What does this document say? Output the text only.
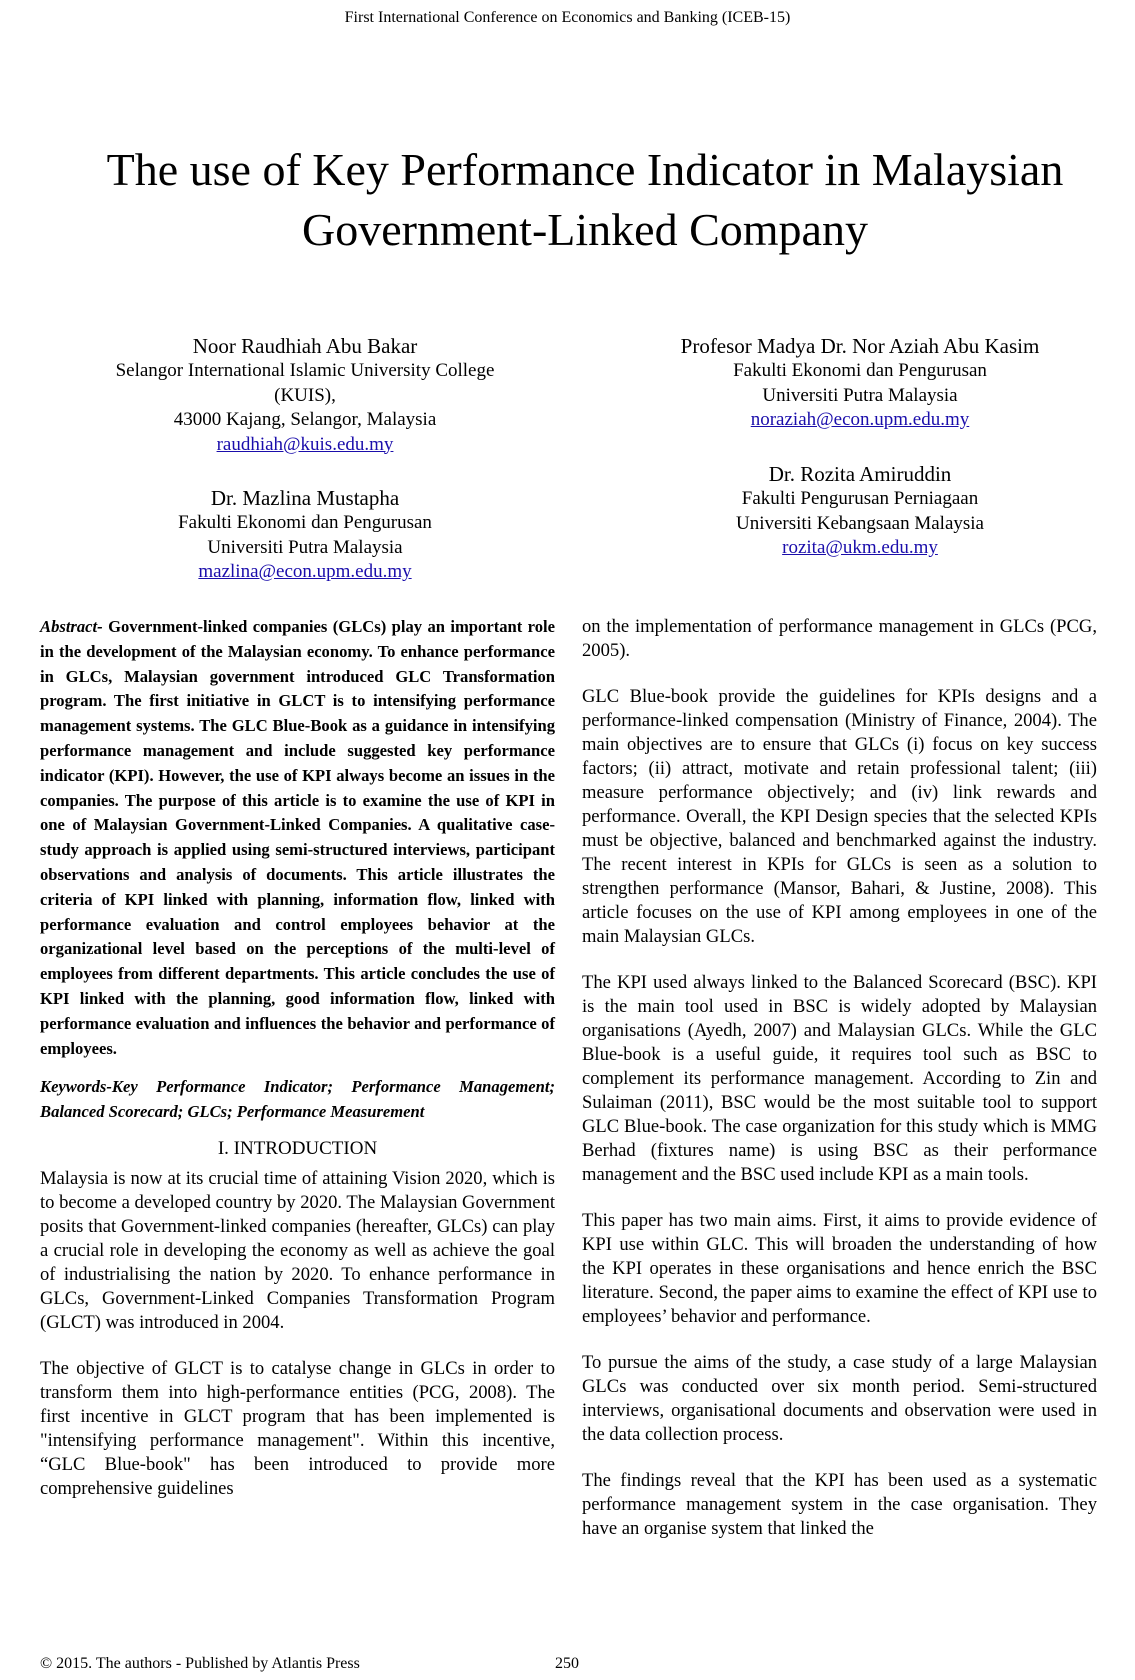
First International Conference on Economics and Banking (ICEB-15)
The use of Key Performance Indicator in Malaysian
Government-Linked Company
Noor Raudhiah Abu Bakar
Selangor International Islamic University College
(KUIS),
43000 Kajang, Selangor, Malaysia
raudhiah@kuis.edu.my
Dr. Mazlina Mustapha
Fakulti Ekonomi dan Pengurusan
Universiti Putra Malaysia
mazlina@econ.upm.edu.my
Profesor Madya Dr. Nor Aziah Abu Kasim
Fakulti Ekonomi dan Pengurusan
Universiti Putra Malaysia
noraziah@econ.upm.edu.my
Dr. Rozita Amiruddin
Fakulti Pengurusan Perniagaan
Universiti Kebangsaan Malaysia
rozita@ukm.edu.my

Abstract- Government-linked companies (GLCs) play an important role in the development of the Malaysian economy. To enhance performance in GLCs, Malaysian government introduced GLC Transformation program. The first initiative in GLCT is to intensifying performance management systems. The GLC Blue-Book as a guidance in intensifying performance management and include suggested key performance indicator (KPI). However, the use of KPI always become an issues in the companies. The purpose of this article is to examine the use of KPI in one of Malaysian Government-Linked Companies. A qualitative case-study approach is applied using semi-structured interviews, participant observations and analysis of documents. This article illustrates the criteria of KPI linked with planning, information flow, linked with performance evaluation and control employees behavior at the organizational level based on the perceptions of the multi-level of employees from different departments. This article concludes the use of KPI linked with the planning, good information flow, linked with performance evaluation and influences the behavior and performance of employees.

Keywords-Key Performance Indicator; Performance Management; Balanced Scorecard; GLCs; Performance Measurement

I. INTRODUCTION

Malaysia is now at its crucial time of attaining Vision 2020, which is to become a developed country by 2020. The Malaysian Government posits that Government-linked companies (hereafter, GLCs) can play a crucial role in developing the economy as well as achieve the goal of industrialising the nation by 2020. To enhance performance in GLCs, Government-Linked Companies Transformation Program (GLCT) was introduced in 2004.

The objective of GLCT is to catalyse change in GLCs in order to transform them into high-performance entities (PCG, 2008). The first incentive in GLCT program that has been implemented is "intensifying performance management". Within this incentive, “GLC Blue-book" has been introduced to provide more comprehensive guidelines

on the implementation of performance management in GLCs (PCG, 2005).

GLC Blue-book provide the guidelines for KPIs designs and a performance-linked compensation (Ministry of Finance, 2004). The main objectives are to ensure that GLCs (i) focus on key success factors; (ii) attract, motivate and retain professional talent; (iii) measure performance objectively; and (iv) link rewards and performance. Overall, the KPI Design species that the selected KPIs must be objective, balanced and benchmarked against the industry. The recent interest in KPIs for GLCs is seen as a solution to strengthen performance (Mansor, Bahari, & Justine, 2008). This article focuses on the use of KPI among employees in one of the main Malaysian GLCs.

The KPI used always linked to the Balanced Scorecard (BSC). KPI is the main tool used in BSC is widely adopted by Malaysian organisations (Ayedh, 2007) and Malaysian GLCs. While the GLC Blue-book is a useful guide, it requires tool such as BSC to complement its performance management. According to Zin and Sulaiman (2011), BSC would be the most suitable tool to support GLC Blue-book. The case organization for this study which is MMG Berhad (fixtures name) is using BSC as their performance management and the BSC used include KPI as a main tools.

This paper has two main aims. First, it aims to provide evidence of KPI use within GLC. This will broaden the understanding of how the KPI operates in these organisations and hence enrich the BSC literature. Second, the paper aims to examine the effect of KPI use to employees’ behavior and performance.

To pursue the aims of the study, a case study of a large Malaysian GLCs was conducted over six month period. Semi-structured interviews, organisational documents and observation were used in the data collection process.

The findings reveal that the KPI has been used as a systematic performance management system in the case organisation. They have an organise system that linked the

© 2015. The authors - Published by Atlantis Press	250
